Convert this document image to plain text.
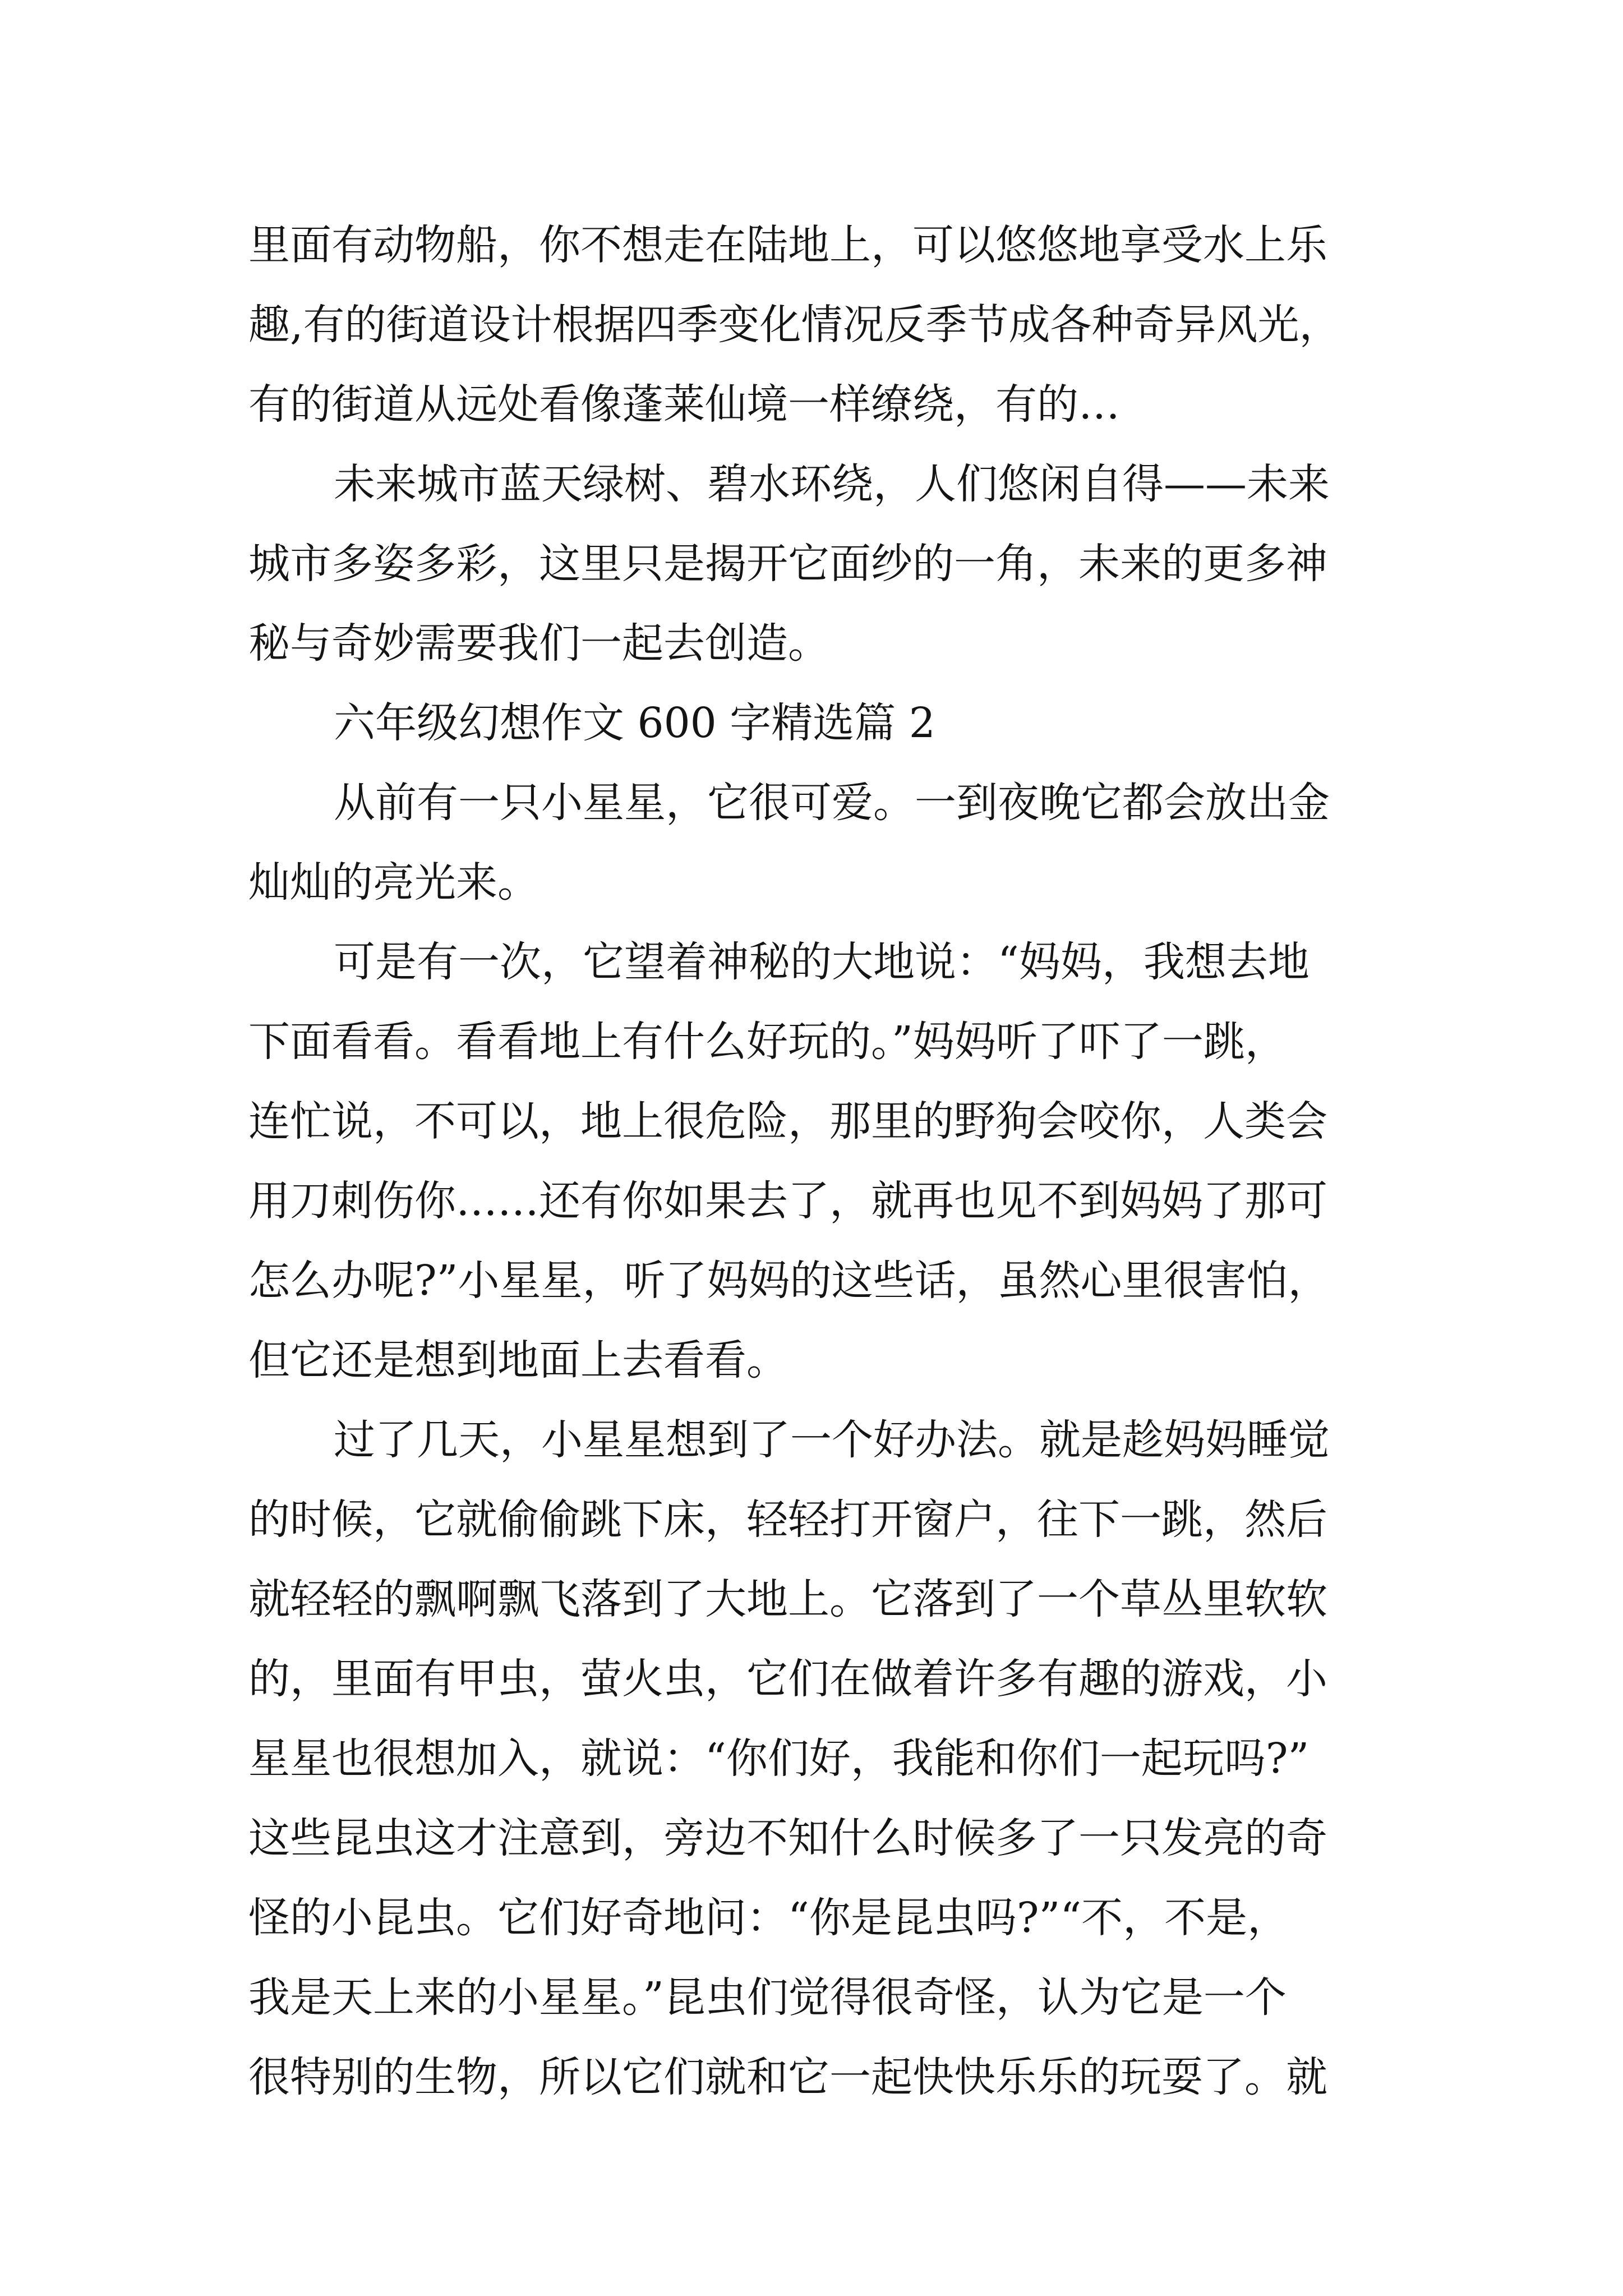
里面有动物船，你不想走在陆地上，可以悠悠地享受水上乐
趣,有的街道设计根据四季变化情况反季节成各种奇异风光，
有的街道从远处看像蓬莱仙境一样缭绕，有的…
未来城市蓝天绿树、碧水环绕，人们悠闲自得——未来
城市多姿多彩，这里只是揭开它面纱的一角，未来的更多神
秘与奇妙需要我们一起去创造。
六年级幻想作文 600 字精选篇 2
从前有一只小星星，它很可爱。一到夜晚它都会放出金
灿灿的亮光来。
可是有一次，它望着神秘的大地说：“妈妈，我想去地
下面看看。看看地上有什么好玩的。”妈妈听了吓了一跳，
连忙说，不可以，地上很危险，那里的野狗会咬你，人类会
用刀刺伤你……还有你如果去了，就再也见不到妈妈了那可
怎么办呢?”小星星，听了妈妈的这些话，虽然心里很害怕，
但它还是想到地面上去看看。
过了几天，小星星想到了一个好办法。就是趁妈妈睡觉
的时候，它就偷偷跳下床，轻轻打开窗户，往下一跳，然后
就轻轻的飘啊飘飞落到了大地上。它落到了一个草丛里软软
的，里面有甲虫，萤火虫，它们在做着许多有趣的游戏，小
星星也很想加入，就说：“你们好，我能和你们一起玩吗?”
这些昆虫这才注意到，旁边不知什么时候多了一只发亮的奇
怪的小昆虫。它们好奇地问：“你是昆虫吗?”“不，不是，
我是天上来的小星星。”昆虫们觉得很奇怪，认为它是一个
很特别的生物，所以它们就和它一起快快乐乐的玩耍了。就
